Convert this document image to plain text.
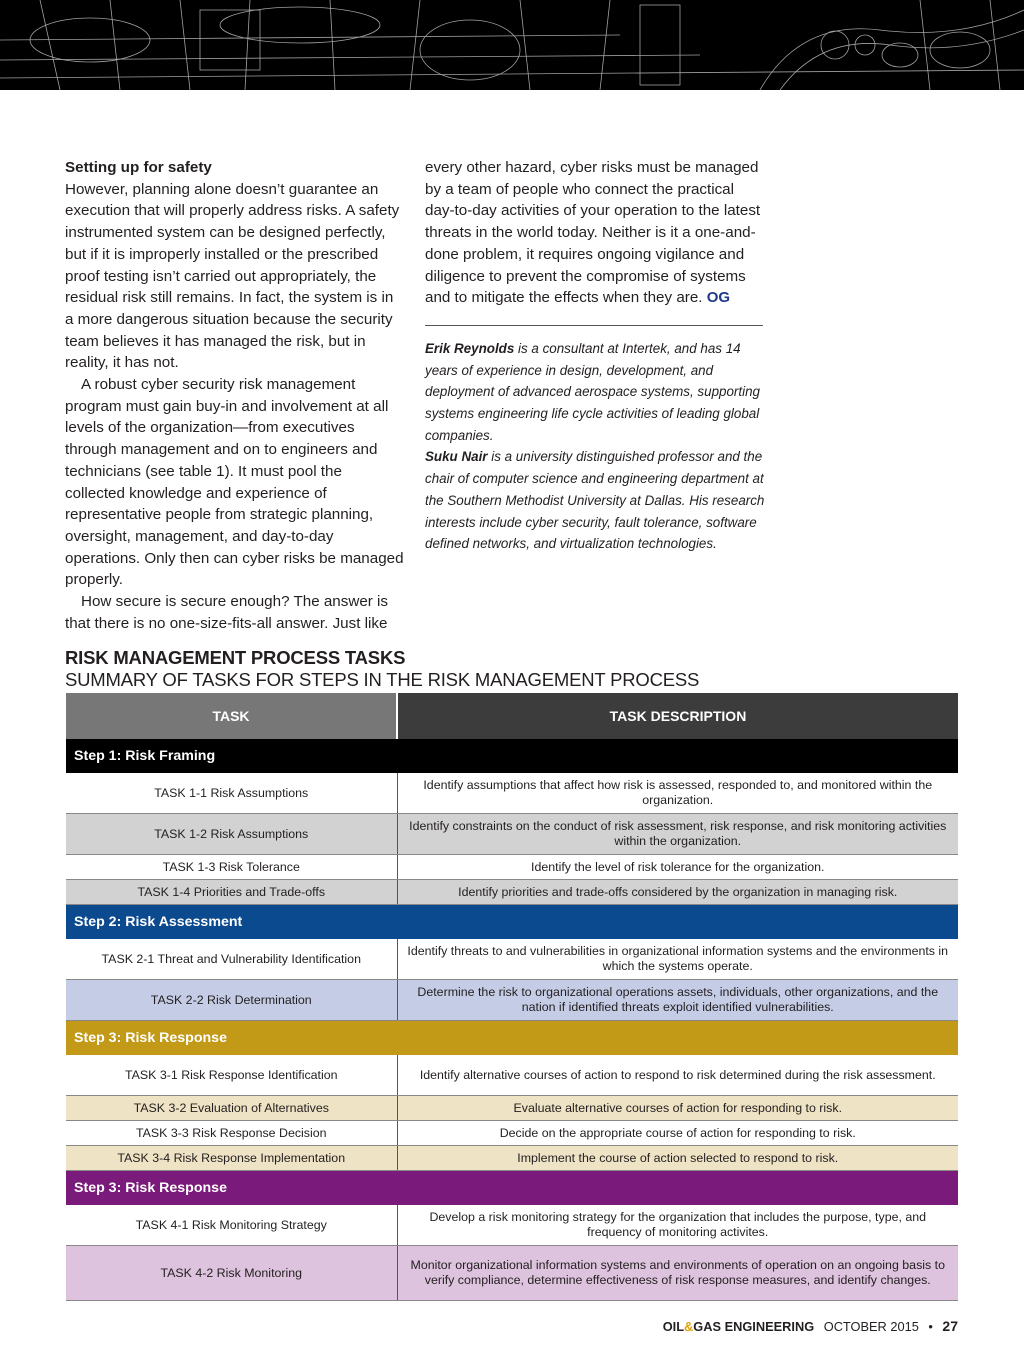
Setting up for safety

However, planning alone doesn’t guarantee an execution that will properly address risks. A safety instrumented system can be designed perfectly, but if it is improperly installed or the prescribed proof testing isn’t carried out appropriately, the residual risk still remains. In fact, the system is in a more dangerous situation because the security team believes it has managed the risk, but in reality, it has not.

A robust cyber security risk management program must gain buy-in and involvement at all levels of the organization—from executives through management and on to engineers and technicians (see table 1). It must pool the collected knowledge and experience of representative people from strategic planning, oversight, management, and day-to-day operations. Only then can cyber risks be managed properly.

How secure is secure enough? The answer is that there is no one-size-fits-all answer. Just like

every other hazard, cyber risks must be managed by a team of people who connect the practical day-to-day activities of your operation to the latest threats in the world today. Neither is it a one-and-done problem, it requires ongoing vigilance and diligence to prevent the compromise of systems and to mitigate the effects when they are. OG

Erik Reynolds is a consultant at Intertek, and has 14 years of experience in design, development, and deployment of advanced aerospace systems, supporting systems engineering life cycle activities of leading global companies.

Suku Nair is a university distinguished professor and the chair of computer science and engineering department at the Southern Methodist University at Dallas. His research interests include cyber security, fault tolerance, software defined networks, and virtualization technologies.

RISK MANAGEMENT PROCESS TASKS
SUMMARY OF TASKS FOR STEPS IN THE RISK MANAGEMENT PROCESS
TASK	TASK DESCRIPTION
Step 1: Risk Framing	
TASK 1-1 Risk Assumptions	Identify assumptions that affect how risk is assessed, responded to, and monitored within the organization.
TASK 1-2 Risk Assumptions	Identify constraints on the conduct of risk assessment, risk response, and risk monitoring activities within the organization.
TASK 1-3 Risk Tolerance	Identify the level of risk tolerance for the organization.
TASK 1-4 Priorities and Trade-offs	Identify priorities and trade-offs considered by the organization in managing risk.
Step 2: Risk Assessment	
TASK 2-1 Threat and Vulnerability Identification	Identify threats to and vulnerabilities in organizational information systems and the environments in which the systems operate.
TASK 2-2 Risk Determination	Determine the risk to organizational operations assets, individuals, other organizations, and the nation if identified threats exploit identified vulnerabilities.
Step 3: Risk Response	
TASK 3-1 Risk Response Identification	Identify alternative courses of action to respond to risk determined during the risk assessment.
TASK 3-2 Evaluation of Alternatives	Evaluate alternative courses of action for responding to risk.
TASK 3-3 Risk Response Decision	Decide on the appropriate course of action for responding to risk.
TASK 3-4 Risk Response Implementation	Implement the course of action selected to respond to risk.
Step 3: Risk Response	
TASK 4-1 Risk Monitoring Strategy	Develop a risk monitoring strategy for the organization that includes the purpose, type, and frequency of monitoring activites.
TASK 4-2 Risk Monitoring	Monitor organizational information systems and environments of operation on an ongoing basis to verify compliance, determine effectiveness of risk response measures, and identify changes.
OIL&GAS ENGINEERING OCTOBER 2015 • 27
